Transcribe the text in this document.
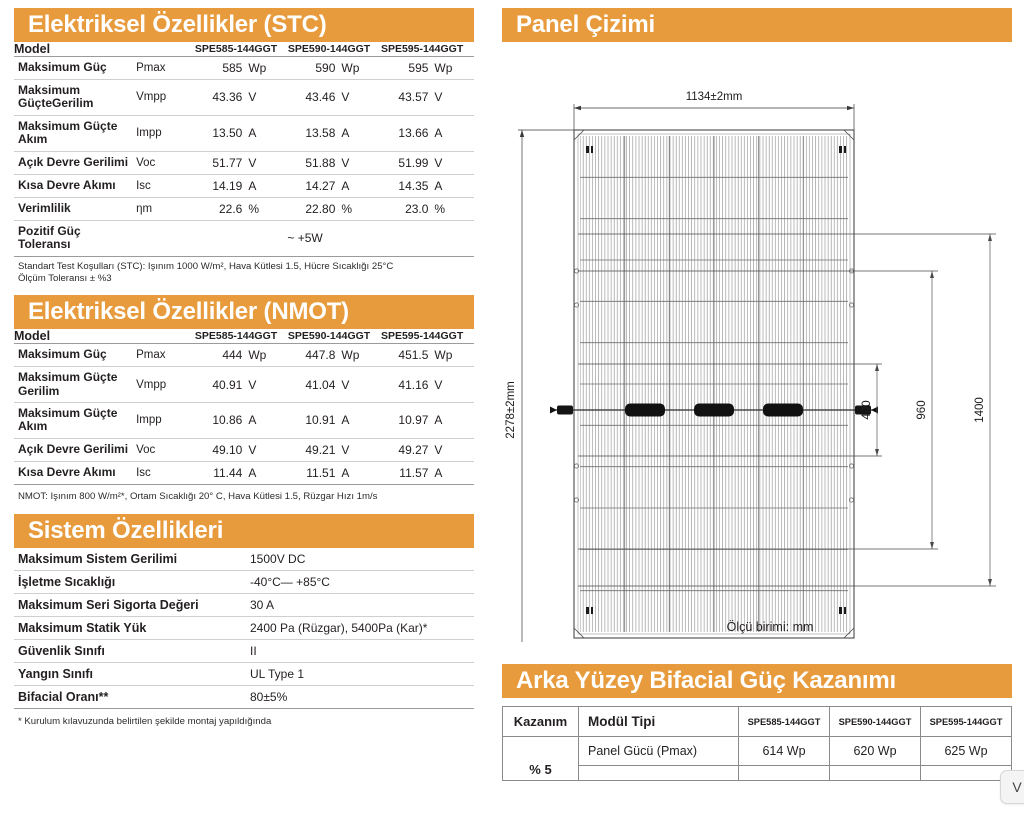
Elektriksel Özellikler (STC)
Model		SPE585-144GGT		SPE590-144GGT		SPE595-144GGT	
Maksimum Güç	Pmax	585	Wp	590	Wp	595	Wp
Maksimum GüçteGerilim	Vmpp	43.36	V	43.46	V	43.57	V
Maksimum Güçte Akım	Impp	13.50	A	13.58	A	13.66	A
Açık Devre Gerilimi	Voc	51.77	V	51.88	V	51.99	V
Kısa Devre Akımı	Isc	14.19	A	14.27	A	14.35	A
Verimlilik	ηm	22.6	%	22.80	%	23.0	%
Pozitif Güç Toleransı	~ +5W						
Standart Test Koşulları (STC): Işınım 1000 W/m², Hava Kütlesi 1.5, Hücre Sıcaklığı 25°C
Ölçüm Toleransı ± %3
Elektriksel Özellikler (NMOT)
Model		SPE585-144GGT		SPE590-144GGT		SPE595-144GGT	
Maksimum Güç	Pmax	444	Wp	447.8	Wp	451.5	Wp
Maksimum Güçte Gerilim	Vmpp	40.91	V	41.04	V	41.16	V
Maksimum Güçte Akım	Impp	10.86	A	10.91	A	10.97	A
Açık Devre Gerilimi	Voc	49.10	V	49.21	V	49.27	V
Kısa Devre Akımı	Isc	11.44	A	11.51	A	11.57	A
NMOT: Işınım 800 W/m²*, Ortam Sıcaklığı 20° C, Hava Kütlesi 1.5, Rüzgar Hızı 1m/s
Sistem Özellikleri
Maksimum Sistem Gerilimi	1500V DC
İşletme Sıcaklığı	-40°C— +85°C
Maksimum Seri Sigorta Değeri	30 A
Maksimum Statik Yük	2400 Pa (Rüzgar), 5400Pa (Kar)*
Güvenlik Sınıfı	II
Yangın Sınıfı	UL Type 1
Bifacial Oranı**	80±5%
* Kurulum kılavuzunda belirtilen şekilde montaj yapıldığında
Panel Çizimi
1134±2mm
2278±2mm	400	960	1400
Ölçü birimi: mm
Arka Yüzey Bifacial Güç Kazanımı
Kazanım	Modül Tipi	SPE585-144GGT	SPE590-144GGT	SPE595-144GGT
% 5	Panel Gücü (Pmax)	614 Wp	620 Wp	625 Wp

V
